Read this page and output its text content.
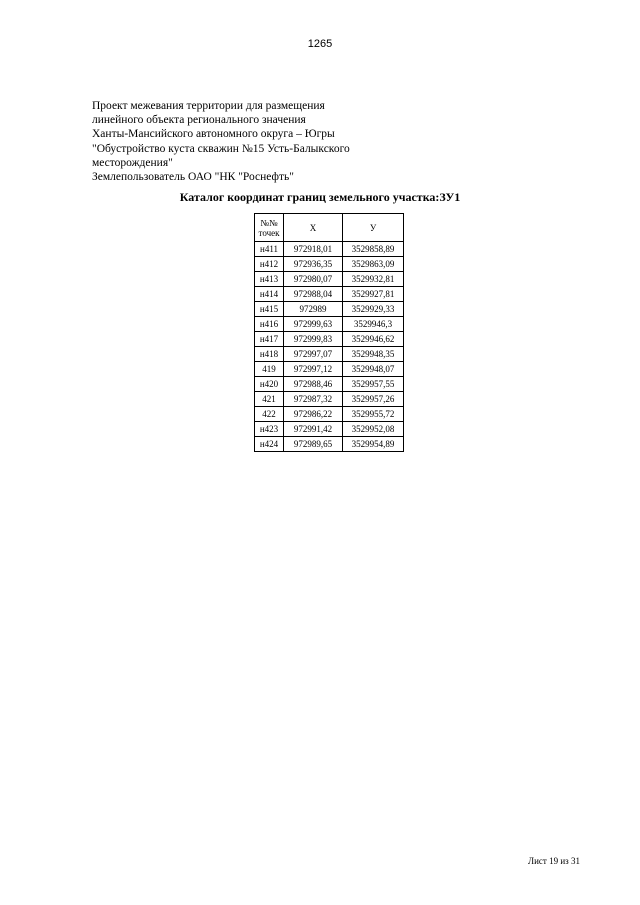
1265
Проект межевания территории для размещения
линейного объекта регионального значения
Ханты-Мансийского автономного округа – Югры
"Обустройство куста скважин №15 Усть-Балыкского
месторождения"
Землепользователь ОАО "НК "Роснефть"
Каталог координат границ земельного участка:ЗУ1
№№
точек	Х	У
н411	972918,01	3529858,89
н412	972936,35	3529863,09
н413	972980,07	3529932,81
н414	972988,04	3529927,81
н415	972989	3529929,33
н416	972999,63	3529946,3
н417	972999,83	3529946,62
н418	972997,07	3529948,35
419	972997,12	3529948,07
н420	972988,46	3529957,55
421	972987,32	3529957,26
422	972986,22	3529955,72
н423	972991,42	3529952,08
н424	972989,65	3529954,89
Лист 19 из 31
